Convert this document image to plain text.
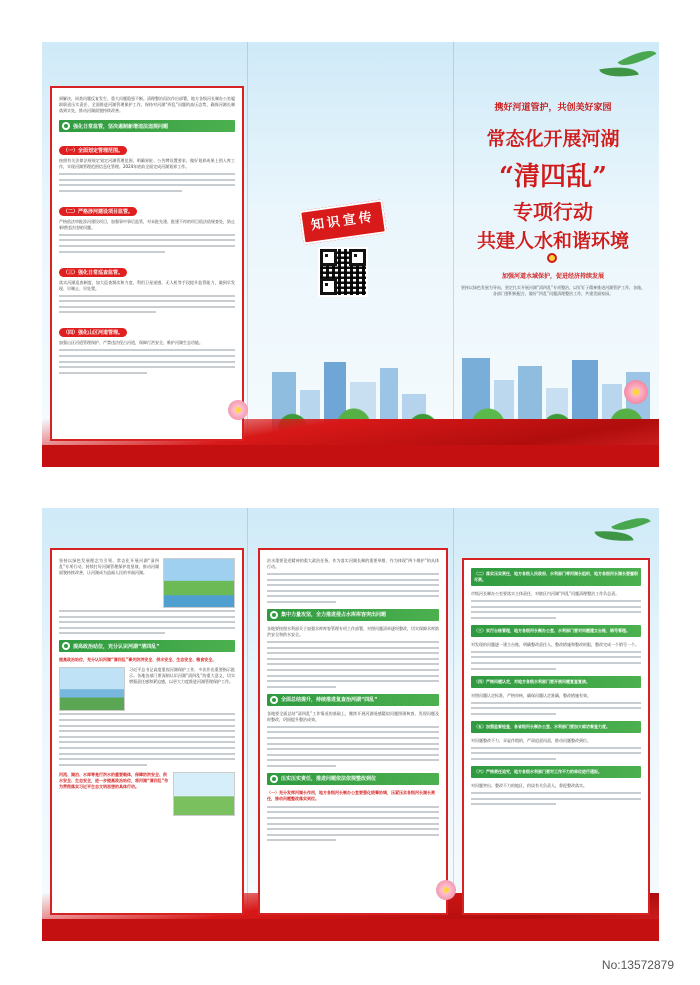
到解决，同类问题反复发生，重大问题隐患不断。清理整治再次作出部署，地方各级河长制办公室履职职责压实责任，全面推进河湖管理保护工作，保持对河湖“四乱”问题的高压态势，确保河湖长制落到实处，推动河湖面貌持续改善。

强化日常监管，坚决遏制新增违法违规问题
（一）全面划定管理范围。

按照有关法律法规规定划定河湖管理范围，明确界桩、公告牌设置要求，做好划界成果上图入库工作，实现河湖管理范围信息化管理。2024年底前全面完成河湖划界工作。

（二）严格涉河建设项目监管。

严格依法审批涉河建设项目，加强事中事后监管，对未批先建、批建不符的项目依法依规查处，防止新增违法违规问题。

（三）强化日常巡查监管。

落实河湖巡查制度，加大巡查频次和力度，利用卫星遥感、无人机等手段提升监管能力，做到早发现、早制止、早处置。

（四）强化山区河道管理。

加强山区河道管理保护，严禁违法侵占河道，保障行洪安全，维护河湖生态功能。

知识宣传
携好河道管护，共创美好家园
常态化开展河湖
“清四乱”
专项行动
共建人水和谐环境
加强河道水域保护，促进经济持续发展
坚持以绿色发展为导向，坚定扎实开展河湖“清四乱”专项整治，以钉钉子精神推进河湖管护工作，各地、各部门要积极配合，做好“四乱”问题清理整治工作，共建美丽家园。

坚持以绿色发展理念为引领，常态化开展河湖“清四乱”专项行动，持续打好河湖管理保护攻坚战，推动河湖面貌持续改善，让河湖成为造福人民的幸福河湖。

提高政治站位，充分认识河湖“清四乱”

提高政治站位，充分认识河湖“清四乱”事关防洪安全、供水安全、生态安全、粮食安全。

习近平总书记高度重视河湖保护工作，多次作出重要指示批示。各地各部门要深刻认识河湖“清四乱”的重大意义，切实增强责任感和紧迫感，以更大力度推进河湖管理保护工作。

河流、湖泊、水库等是行洪水的重要载体，保障防洪安全、供水安全、生态安全，进一步提高政治站位，将河湖“清四乱”作为贯彻落实习近平生态文明思想的具体行动。

治水重要论述精神的重大政治任务，作为落实河湖长制的重要举措，作为体现“两个维护”的具体行动。

集中力量攻坚，全力推进侵占水库库容突出问题

各地要按照水利部关于加强水库库容管理专项工作部署，对照问题清单逐项整改，切实保障水库防洪安全和供水安全。

全面总结提升，持续推进复查治河湖“四乱”

各地要全面总结“清四乱”工作情况的基础上，继续开展河湖遥感疑似问题图斑核查，发现问题及时整改，巩固提升整治成效。

压实压实责任，推进问题依法依规整改到位

（一）充分发挥河湖长作用，地方各级河长制办公室要强化统筹协调，压紧压实各级河长湖长责任，推动问题整改落实到位。

（二）落实压实责任，地方各级人民政府、水利部门等河湖长组织，地方各级河长湖长要履职尽责。

市级河长制办公室要落实主体责任，对辖区内河湖“四乱”问题清理整治工作负总责。

（三）实行台账管理，地方各级河长制办公室、水利部门要对问题建立台账，销号管理。

对发现的问题逐一建立台账，明确整改责任人、整改措施和整改时限，整改完成一个销号一个。

（四）严格问题认定，对地方各级水利部门要开展问题复查复核。

对照问题认定标准，严格审核，确保问题认定准确，整改措施有效。

（五）加强监督检查，各省级河长制办公室、水利部门要加大暗访督查力度。

对问题整改不力、弄虚作假的，严肃追责问责，推动问题整改到位。

（六）严格责任追究，地方各级水利部门要对工作不力的单位进行通报。

对问题突出、整改不力的地区，约谈有关负责人，督促整改落实。

No:13572879
